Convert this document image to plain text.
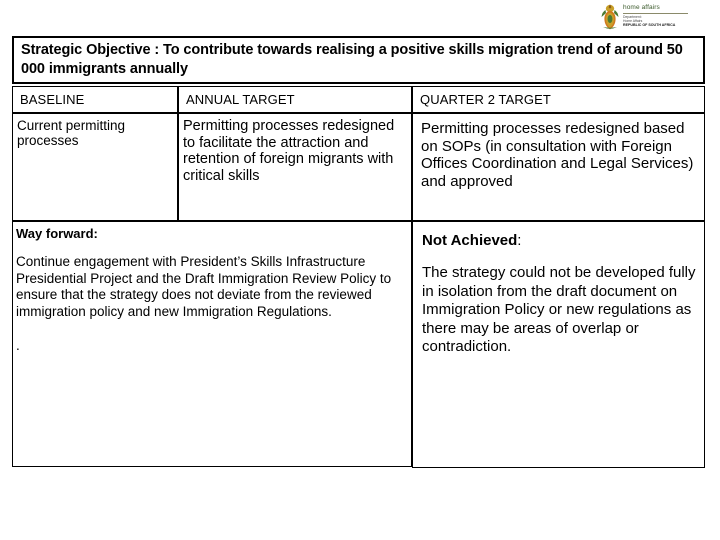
home affairs
Department:
Home Affairs
REPUBLIC OF SOUTH AFRICA
Strategic Objective : To contribute towards realising a positive skills migration trend of around 50 000 immigrants annually
BASELINE	ANNUAL TARGET	QUARTER 2 TARGET
Current permitting processes
Permitting processes redesigned to facilitate the attraction and retention of foreign migrants with critical skills
Permitting processes redesigned based on SOPs (in consultation with Foreign Offices Coordination and Legal Services) and approved
Way forward:
Continue engagement with President’s Skills Infrastructure Presidential Project and the Draft Immigration Review Policy to ensure that the strategy does not deviate from the reviewed immigration policy and new Immigration Regulations.
.
Not Achieved:
The strategy could not be developed fully in isolation from the draft document on Immigration Policy or new regulations as there may be areas of overlap or contradiction.
